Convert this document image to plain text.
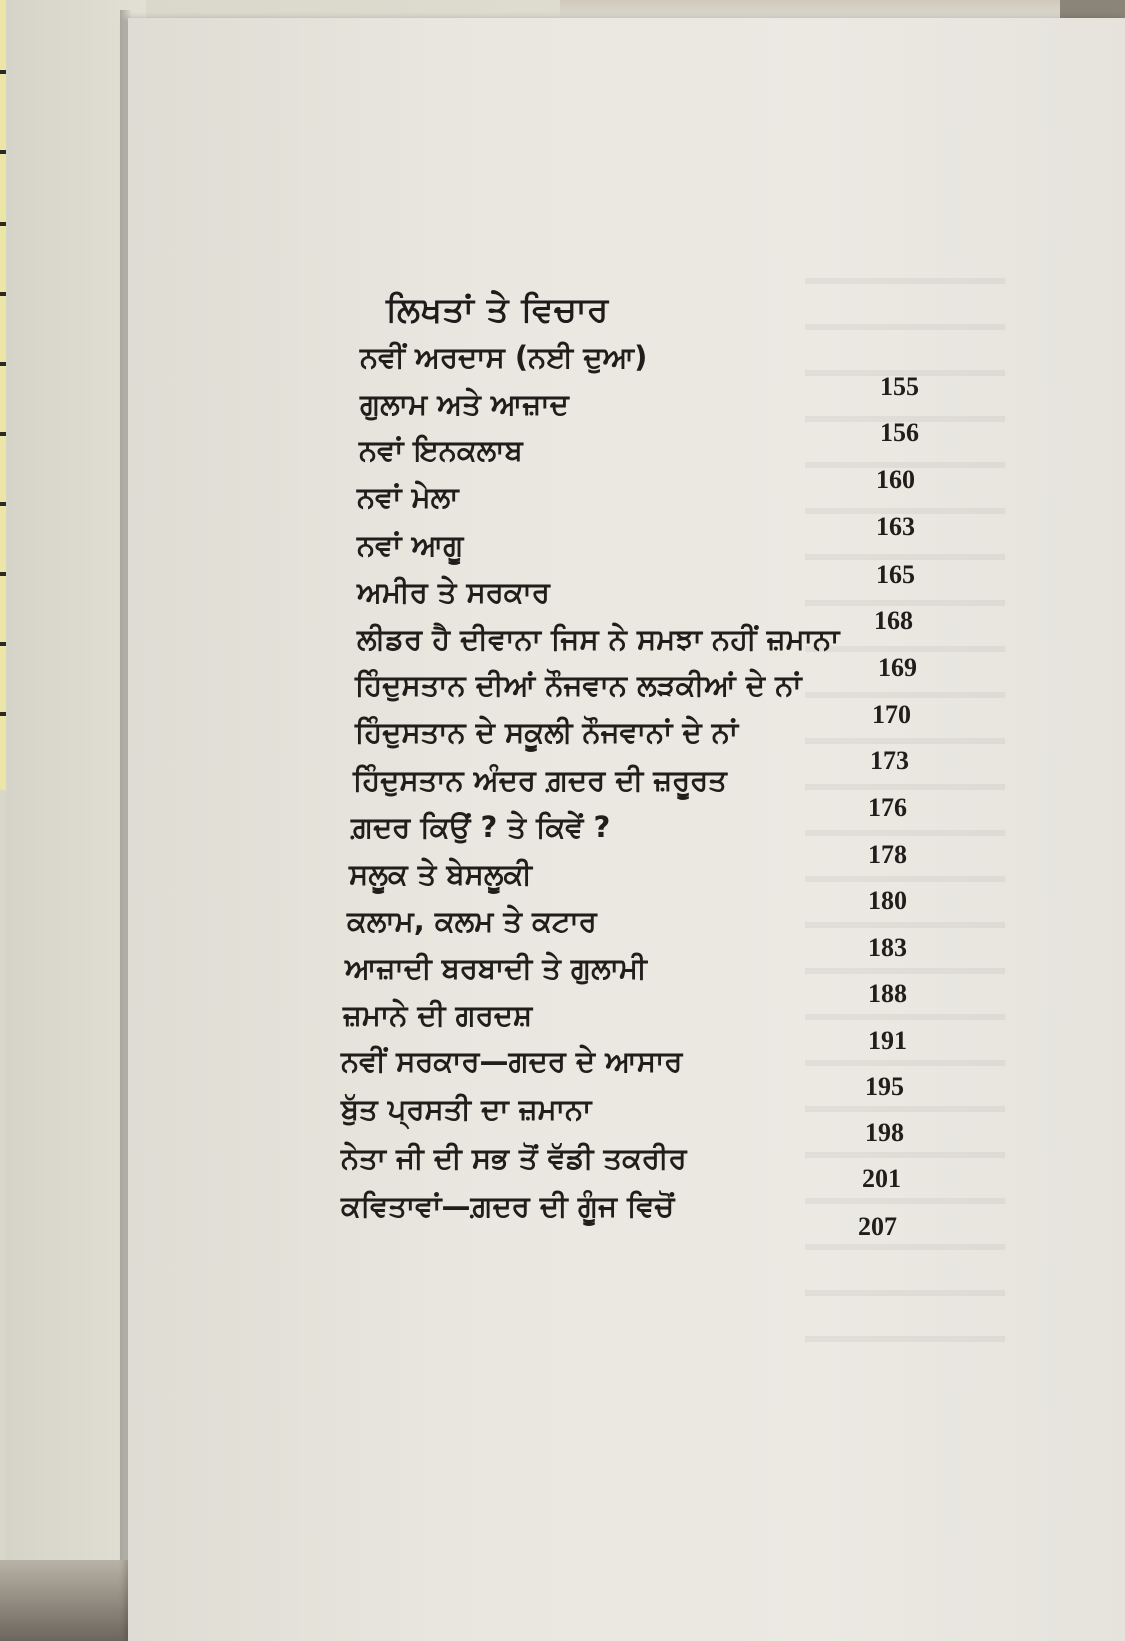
ਲਿਖਤਾਂ ਤੇ ਵਿਚਾਰ
ਨਵੀਂ ਅਰਦਾਸ (ਨਈ ਦੁਆ)
155
ਗੁਲਾਮ ਅਤੇ ਆਜ਼ਾਦ
156
ਨਵਾਂ ਇਨਕਲਾਬ
160
ਨਵਾਂ ਮੇਲਾ
163
ਨਵਾਂ ਆਗੂ
165
ਅਮੀਰ ਤੇ ਸਰਕਾਰ
168
ਲੀਡਰ ਹੈ ਦੀਵਾਨਾ ਜਿਸ ਨੇ ਸਮਝਾ ਨਹੀਂ ਜ਼ਮਾਨਾ
169
ਹਿੰਦੁਸਤਾਨ ਦੀਆਂ ਨੌਜਵਾਨ ਲੜਕੀਆਂ ਦੇ ਨਾਂ
170
ਹਿੰਦੁਸਤਾਨ ਦੇ ਸਕੂਲੀ ਨੌਜਵਾਨਾਂ ਦੇ ਨਾਂ
173
ਹਿੰਦੁਸਤਾਨ ਅੰਦਰ ਗ਼ਦਰ ਦੀ ਜ਼ਰੂਰਤ
176
ਗ਼ਦਰ ਕਿਉਂ ? ਤੇ ਕਿਵੇਂ ?
178
ਸਲੂਕ ਤੇ ਬੇਸਲੂਕੀ
180
ਕਲਾਮ, ਕਲਮ ਤੇ ਕਟਾਰ
183
ਆਜ਼ਾਦੀ ਬਰਬਾਦੀ ਤੇ ਗੁਲਾਮੀ
188
ਜ਼ਮਾਨੇ ਦੀ ਗਰਦਸ਼
191
ਨਵੀਂ ਸਰਕਾਰ—ਗਦਰ ਦੇ ਆਸਾਰ
195
ਬੁੱਤ ਪ੍ਰਸਤੀ ਦਾ ਜ਼ਮਾਨਾ
198
ਨੇਤਾ ਜੀ ਦੀ ਸਭ ਤੋਂ ਵੱਡੀ ਤਕਰੀਰ
201
ਕਵਿਤਾਵਾਂ—ਗ਼ਦਰ ਦੀ ਗੂੰਜ ਵਿਚੋਂ
207
